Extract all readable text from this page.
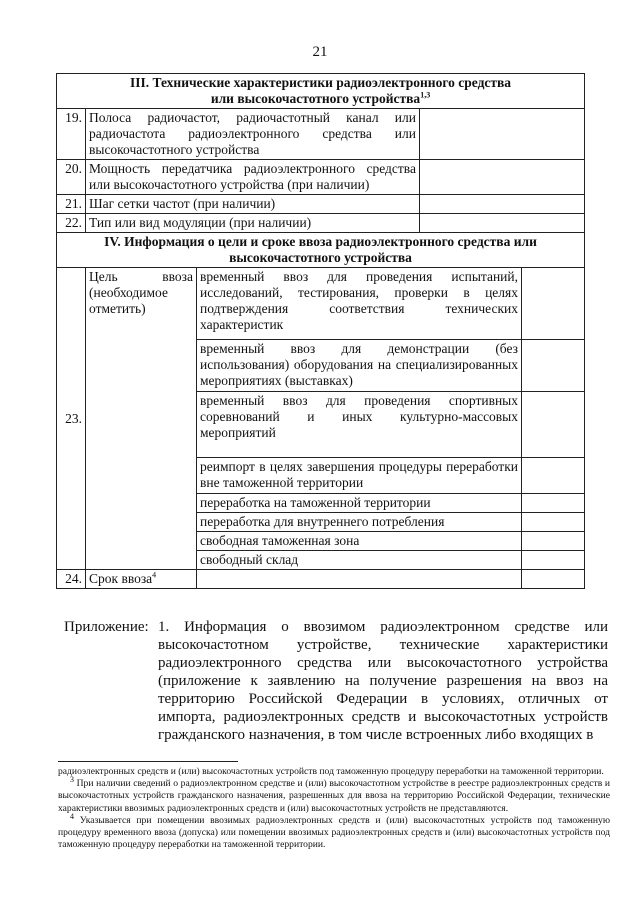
21
III. Технические характеристики радиоэлектронного средства
или высокочастотного устройства$^{1,3}$
19.	Полоса радиочастот, радиочастотный канал или радиочастота радиоэлектронного средства или высокочастотного устройства			
20.	Мощность передатчика радиоэлектронного средства или высокочастотного устройства (при наличии)			
21.	Шаг сетки частот (при наличии)			
22.	Тип или вид модуляции (при наличии)			
IV. Информация о цели и сроке ввоза радиоэлектронного средства или
высокочастотного устройства				
23.	Цель ввоза (необходимое отметить)	временный ввоз для проведения испытаний, исследований, тестирования, проверки в целях подтверждения соответствия технических характеристик		
		временный ввоз для демонстрации (без использования) оборудования на специализированных мероприятиях (выставках)		
		временный ввоз для проведения спортивных соревнований и иных культурно-массовых мероприятий		
		реимпорт в целях завершения процедуры переработки вне таможенной территории		
		переработка на таможенной территории		
		переработка для внутреннего потребления		
		свободная таможенная зона		
		свободный склад		
24.	Срок ввоза$^4$		
Приложение: 1. Информация о ввозимом радиоэлектронном средстве или высокочастотном устройстве, технические характеристики радиоэлектронного средства или высокочастотного устройства (приложение к заявлению на получение разрешения на ввоз на территорию Российской Федерации в условиях, отличных от импорта, радиоэлектронных средств и высокочастотных устройств гражданского назначения, в том числе встроенных либо входящих в

радиоэлектронных средств и (или) высокочастотных устройств под таможенную процедуру переработки на таможенной территории.

$^3$ При наличии сведений о радиоэлектронном средстве и (или) высокочастотном устройстве в реестре радиоэлектронных средств и высокочастотных устройств гражданского назначения, разрешенных для ввоза на территорию Российской Федерации, технические характеристики ввозимых радиоэлектронных средств и (или) высокочастотных устройств не представляются.

$^4$ Указывается при помещении ввозимых радиоэлектронных средств и (или) высокочастотных устройств под таможенную процедуру временного ввоза (допуска) или помещении ввозимых радиоэлектронных средств и (или) высокочастотных устройств под таможенную процедуру переработки на таможенной территории.
